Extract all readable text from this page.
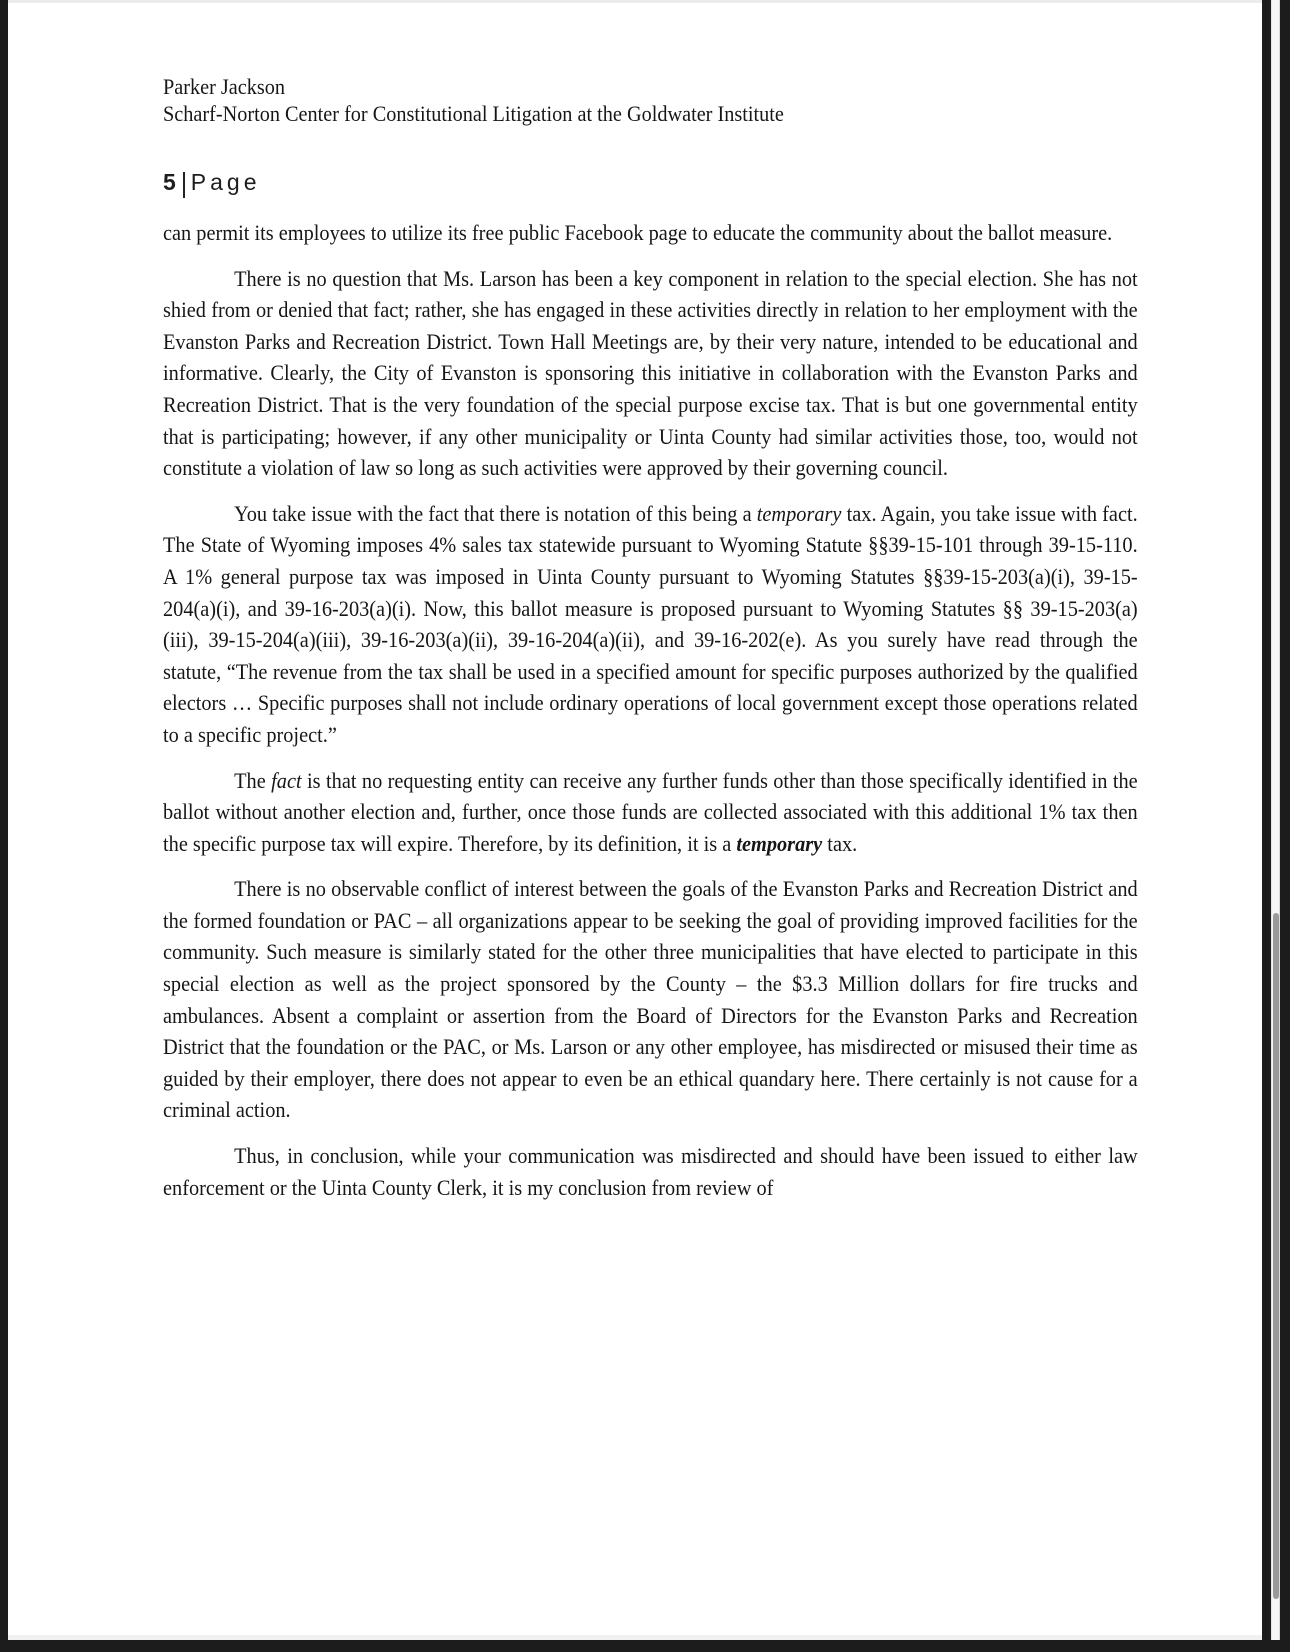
Parker Jackson
Scharf-Norton Center for Constitutional Litigation at the Goldwater Institute
5 Page

can permit its employees to utilize its free public Facebook page to educate the community about the ballot measure.

There is no question that Ms. Larson has been a key component in relation to the special election. She has not shied from or denied that fact; rather, she has engaged in these activities directly in relation to her employment with the Evanston Parks and Recreation District. Town Hall Meetings are, by their very nature, intended to be educational and informative. Clearly, the City of Evanston is sponsoring this initiative in collaboration with the Evanston Parks and Recreation District. That is the very foundation of the special purpose excise tax. That is but one governmental entity that is participating; however, if any other municipality or Uinta County had similar activities those, too, would not constitute a violation of law so long as such activities were approved by their governing council.

You take issue with the fact that there is notation of this being a temporary tax. Again, you take issue with fact. The State of Wyoming imposes 4% sales tax statewide pursuant to Wyoming Statute §§39-15-101 through 39-15-110. A 1% general purpose tax was imposed in Uinta County pursuant to Wyoming Statutes §§39-15-203(a)(i), 39-15-204(a)(i), and 39-16-203(a)(i). Now, this ballot measure is proposed pursuant to Wyoming Statutes §§ 39-15-203(a)(iii), 39-15-204(a)(iii), 39-16-203(a)(ii), 39-16-204(a)(ii), and 39-16-202(e). As you surely have read through the statute, “The revenue from the tax shall be used in a specified amount for specific purposes authorized by the qualified electors … Specific purposes shall not include ordinary operations of local government except those operations related to a specific project.”

The fact is that no requesting entity can receive any further funds other than those specifically identified in the ballot without another election and, further, once those funds are collected associated with this additional 1% tax then the specific purpose tax will expire. Therefore, by its definition, it is a temporary tax.

There is no observable conflict of interest between the goals of the Evanston Parks and Recreation District and the formed foundation or PAC – all organizations appear to be seeking the goal of providing improved facilities for the community. Such measure is similarly stated for the other three municipalities that have elected to participate in this special election as well as the project sponsored by the County – the $3.3 Million dollars for fire trucks and ambulances. Absent a complaint or assertion from the Board of Directors for the Evanston Parks and Recreation District that the foundation or the PAC, or Ms. Larson or any other employee, has misdirected or misused their time as guided by their employer, there does not appear to even be an ethical quandary here. There certainly is not cause for a criminal action.

Thus, in conclusion, while your communication was misdirected and should have been issued to either law enforcement or the Uinta County Clerk, it is my conclusion from review of
